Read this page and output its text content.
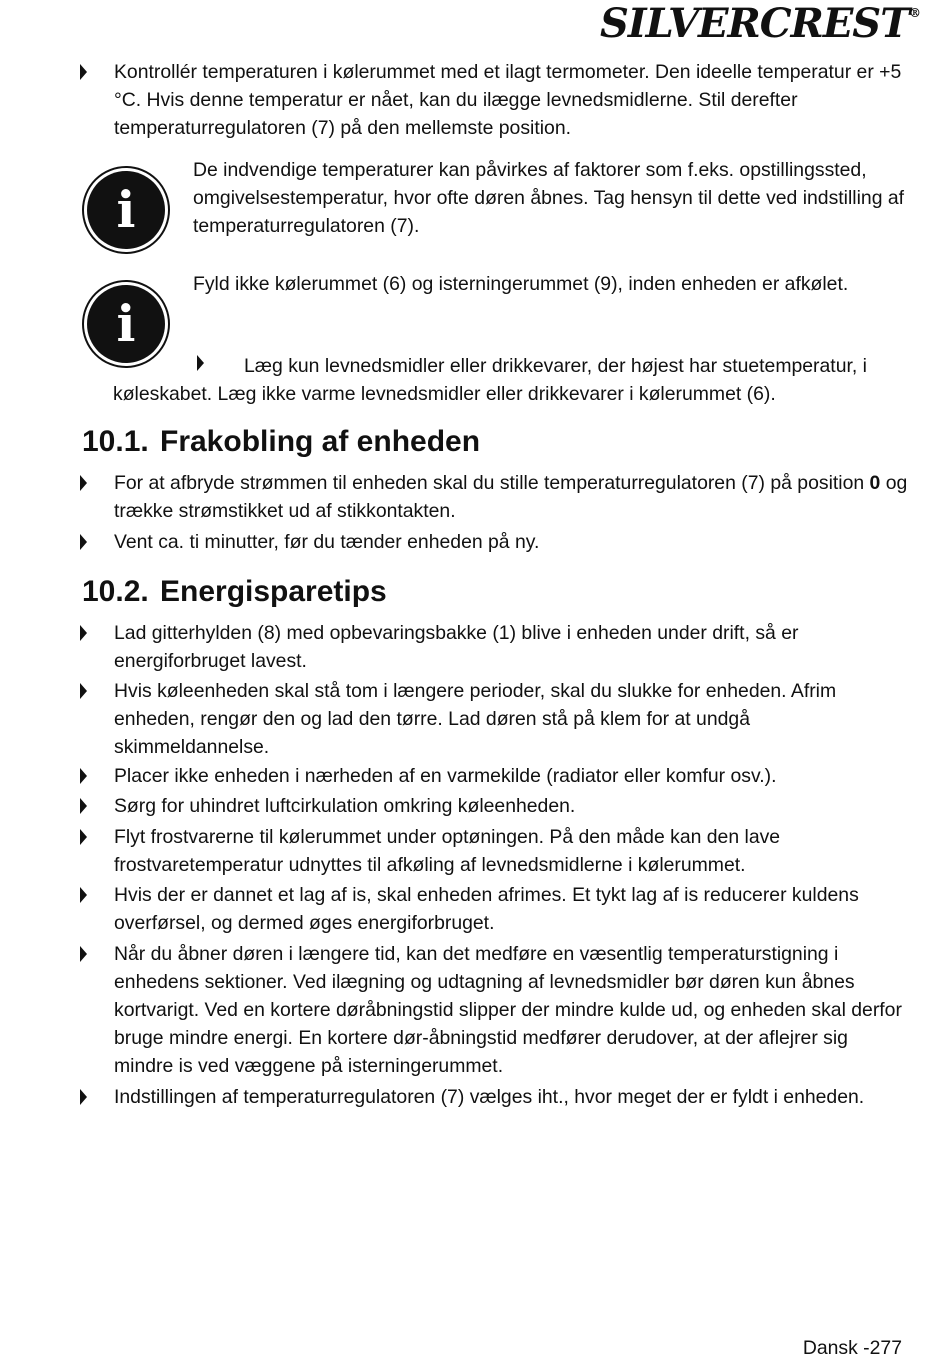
SILVERCREST®
Kontrollér temperaturen i kølerummet med et ilagt termometer. Den ideelle temperatur er +5 °C. Hvis denne temperatur er nået, kan du ilægge levnedsmidlerne. Stil derefter temperaturregulatoren (7) på den mellemste position.
i
De indvendige temperaturer kan påvirkes af faktorer som f.eks. opstillingssted, omgivelsestemperatur, hvor ofte døren åbnes. Tag hensyn til dette ved indstilling af temperaturregulatoren (7).
i
Fyld ikke kølerummet (6) og isterningerummet (9), inden enheden er afkølet.
Læg kun levnedsmidler eller drikkevarer, der højest har stuetemperatur, i køleskabet. Læg ikke varme levnedsmidler eller drikkevarer i kølerummet (6).
10.1. Frakobling af enheden
For at afbryde strømmen til enheden skal du stille temperaturregulatoren (7) på position 0 og trække strømstikket ud af stikkontakten.
Vent ca. ti minutter, før du tænder enheden på ny.
10.2. Energisparetips
Lad gitterhylden (8) med opbevaringsbakke (1) blive i enheden under drift, så er energiforbruget lavest.
Hvis køleenheden skal stå tom i længere perioder, skal du slukke for enheden. Afrim enheden, rengør den og lad den tørre. Lad døren stå på klem for at undgå skimmeldannelse.
Placer ikke enheden i nærheden af en varmekilde (radiator eller komfur osv.).
Sørg for uhindret luftcirkulation omkring køleenheden.
Flyt frostvarerne til kølerummet under optøningen. På den måde kan den lave frostvaretemperatur udnyttes til afkøling af levnedsmidlerne i kølerummet.
Hvis der er dannet et lag af is, skal enheden afrimes. Et tykt lag af is reducerer kuldens overførsel, og dermed øges energiforbruget.
Når du åbner døren i længere tid, kan det medføre en væsentlig temperaturstigning i enhedens sektioner. Ved ilægning og udtagning af levnedsmidler bør døren kun åbnes kortvarigt. Ved en kortere døråbningstid slipper der mindre kulde ud, og enheden skal derfor bruge mindre energi. En kortere dør-åbningstid medfører derudover, at der aflejrer sig mindre is ved væggene på isterningerummet.
Indstillingen af temperaturregulatoren (7) vælges iht., hvor meget der er fyldt i enheden.
Dansk -277
